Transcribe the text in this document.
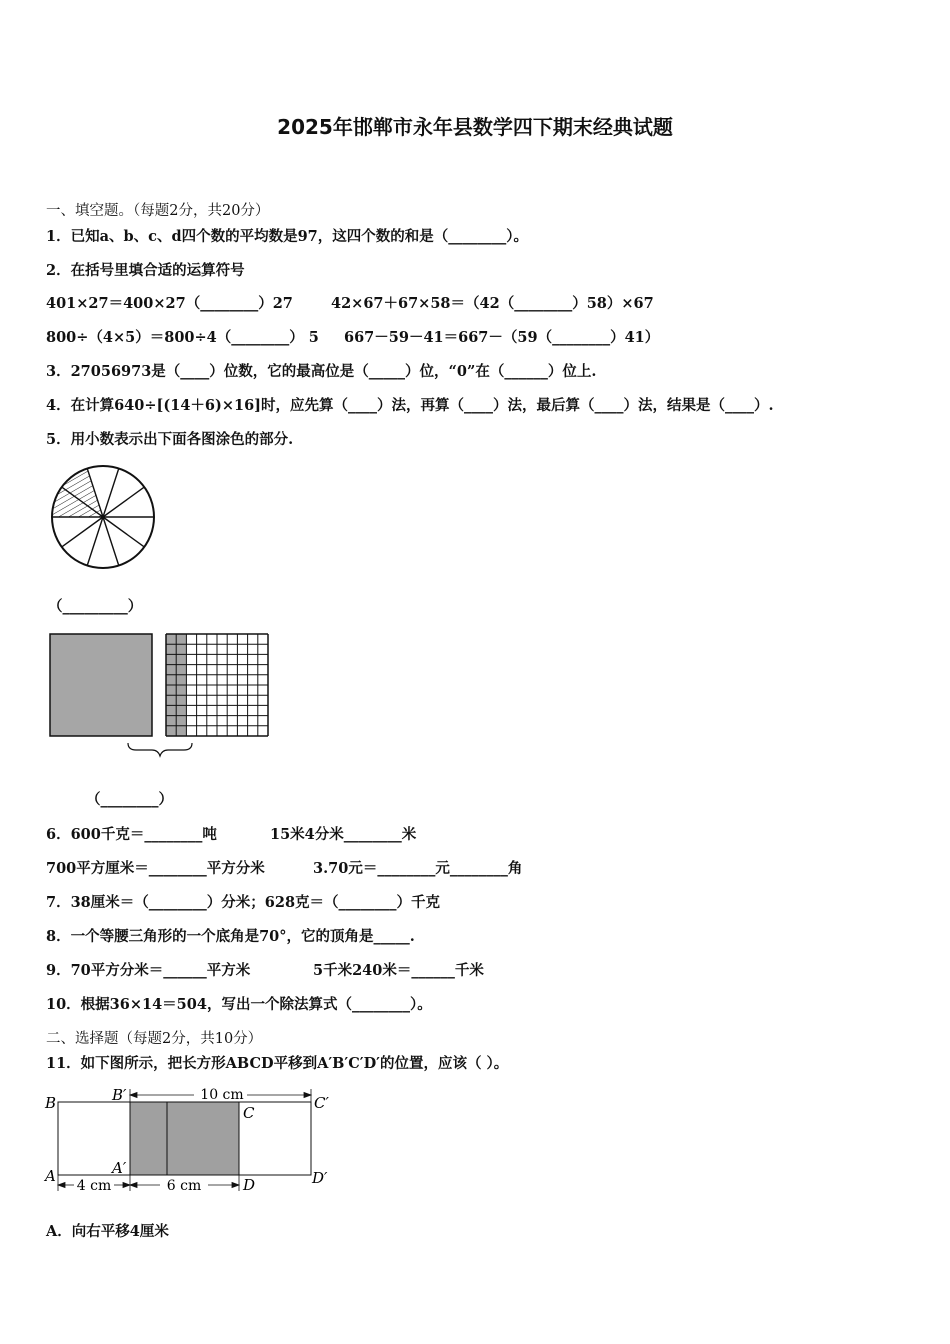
2025年邯郸市永年县数学四下期末经典试题
一、填空题。（每题2分，共20分）
1．已知a、b、c、d四个数的平均数是97，这四个数的和是（________）。
2．在括号里填合适的运算符号
401×27＝400×27（________）27	42×67＋67×58＝（42（________）58）×67
800÷（4×5）＝800÷4（________） 5 667－59－41＝667－（59（________）41）
3．27056973是（____）位数，它的最高位是（_____）位，“0”在（______）位上.
4．在计算640÷[(14＋6)×16]时，应先算（____）法，再算（____）法，最后算（____）法，结果是（____）.
5．用小数表示出下面各图涂色的部分.
（_________）
（________）
6．600千克＝________吨	15米4分米________米
700平方厘米＝________平方分米	3.70元＝________元________角
7．38厘米＝（________）分米；628克＝（________）千克
8．一个等腰三角形的一个底角是70°，它的顶角是_____.
9．70平方分米＝______平方米	5千米240米＝______千米
10．根据36×14＝504，写出一个除法算式（________）。
二、选择题（每题2分，共10分）
11．如下图所示，把长方形ABCD平移到A′B′C′D′的位置，应该（ ）。
10 cm
4 cm	6 cm
B	B′
C
C′
A	A′
D	D′
A．向右平移4厘米
